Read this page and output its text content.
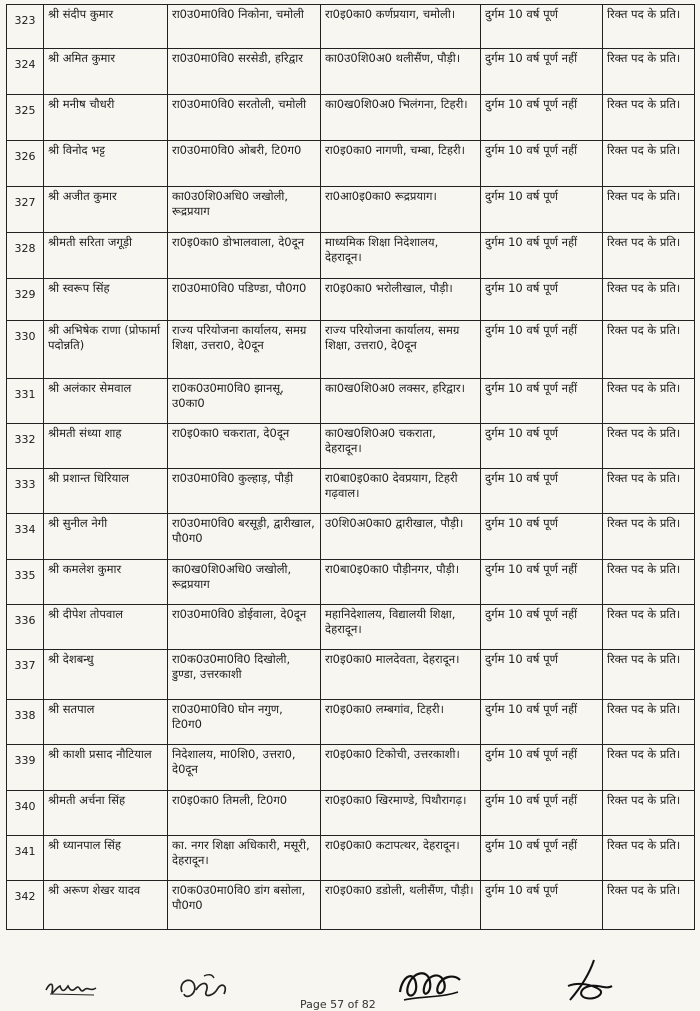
323	श्री संदीप कुमार	रा0उ0मा0वि0 निकोना, चमोली	रा0इ0का0 कर्णप्रयाग, चमोली।	दुर्गम 10 वर्ष पूर्ण	रिक्त पद के प्रति।
324	श्री अमित कुमार	रा0उ0मा0वि0 सरसेडी, हरिद्वार	का0उ0शि0अ0 थलीसैंण, पौड़ी।	दुर्गम 10 वर्ष पूर्ण नहीं	रिक्त पद के प्रति।
325	श्री मनीष चौधरी	रा0उ0मा0वि0 सरतोली, चमोली	का0ख0शि0अ0 भिलंगना, टिहरी।	दुर्गम 10 वर्ष पूर्ण नहीं	रिक्त पद के प्रति।
326	श्री विनोद भट्ट	रा0उ0मा0वि0 ओबरी, टि0ग0	रा0इ0का0 नागणी, चम्बा, टिहरी।	दुर्गम 10 वर्ष पूर्ण नहीं	रिक्त पद के प्रति।
327	श्री अजीत कुमार	का0उ0शि0अधि0 जखोली, रूद्रप्रयाग	रा0आ0इ0का0 रूद्रप्रयाग।	दुर्गम 10 वर्ष पूर्ण	रिक्त पद के प्रति।
328	श्रीमती सरिता जगूड़ी	रा0इ0का0 डोभालवाला, दे0दून	माध्यमिक शिक्षा निदेशालय, देहरादून।	दुर्गम 10 वर्ष पूर्ण नहीं	रिक्त पद के प्रति।
329	श्री स्वरूप सिंह	रा0उ0मा0वि0 पडिण्डा, पौ0ग0	रा0इ0का0 भरोलीखाल, पौड़ी।	दुर्गम 10 वर्ष पूर्ण	रिक्त पद के प्रति।
330	श्री अभिषेक राणा (प्रोफार्मा पदोन्नति)	राज्य परियोजना कार्यालय, समग्र शिक्षा, उत्तरा0, दे0दून	राज्य परियोजना कार्यालय, समग्र शिक्षा, उत्तरा0, दे0दून	दुर्गम 10 वर्ष पूर्ण नहीं	रिक्त पद के प्रति।
331	श्री अलंकार सेमवाल	रा0क0उ0मा0वि0 झानसू, उ0का0	का0ख0शि0अ0 लक्सर, हरिद्वार।	दुर्गम 10 वर्ष पूर्ण नहीं	रिक्त पद के प्रति।
332	श्रीमती संध्या शाह	रा0इ0का0 चकराता, दे0दून	का0ख0शि0अ0 चकराता, देहरादून।	दुर्गम 10 वर्ष पूर्ण	रिक्त पद के प्रति।
333	श्री प्रशान्त धिरियाल	रा0उ0मा0वि0 कुल्हाड़, पौड़ी	रा0बा0इ0का0 देवप्रयाग, टिहरी गढ़वाल।	दुर्गम 10 वर्ष पूर्ण	रिक्त पद के प्रति।
334	श्री सुनील नेगी	रा0उ0मा0वि0 बरसूड़ी, द्वारीखाल, पौ0ग0	उ0शि0अ0का0 द्वारीखाल, पौड़ी।	दुर्गम 10 वर्ष पूर्ण	रिक्त पद के प्रति।
335	श्री कमलेश कुमार	का0ख0शि0अधि0 जखोली, रूद्रप्रयाग	रा0बा0इ0का0 पौड़ीनगर, पौड़ी।	दुर्गम 10 वर्ष पूर्ण नहीं	रिक्त पद के प्रति।
336	श्री दीपेश तोपवाल	रा0उ0मा0वि0 डोईवाला, दे0दून	महानिदेशालय, विद्यालयी शिक्षा, देहरादून।	दुर्गम 10 वर्ष पूर्ण नहीं	रिक्त पद के प्रति।
337	श्री देशबन्धु	रा0क0उ0मा0वि0 दिखोली, डुण्डा, उत्तरकाशी	रा0इ0का0 मालदेवता, देहरादून।	दुर्गम 10 वर्ष पूर्ण	रिक्त पद के प्रति।
338	श्री सतपाल	रा0उ0मा0वि0 घोन नगुण, टि0ग0	रा0इ0का0 लम्बगांव, टिहरी।	दुर्गम 10 वर्ष पूर्ण नहीं	रिक्त पद के प्रति।
339	श्री काशी प्रसाद नौटियाल	निदेशालय, मा0शि0, उत्तरा0, दे0दून	रा0इ0का0 टिकोची, उत्तरकाशी।	दुर्गम 10 वर्ष पूर्ण नहीं	रिक्त पद के प्रति।
340	श्रीमती अर्चना सिंह	रा0इ0का0 तिमली, टि0ग0	रा0इ0का0 खिरमाण्डे, पिथौरागढ़।	दुर्गम 10 वर्ष पूर्ण नहीं	रिक्त पद के प्रति।
341	श्री ध्यानपाल सिंह	का. नगर शिक्षा अधिकारी, मसूरी, देहरादून।	रा0इ0का0 कटापत्थर, देहरादून।	दुर्गम 10 वर्ष पूर्ण नहीं	रिक्त पद के प्रति।
342	श्री अरूण शेखर यादव	रा0क0उ0मा0वि0 डांग बसोला, पौ0ग0	रा0इ0का0 डडोली, थलीसैंण, पौड़ी।	दुर्गम 10 वर्ष पूर्ण	रिक्त पद के प्रति।
Page 57 of 82
